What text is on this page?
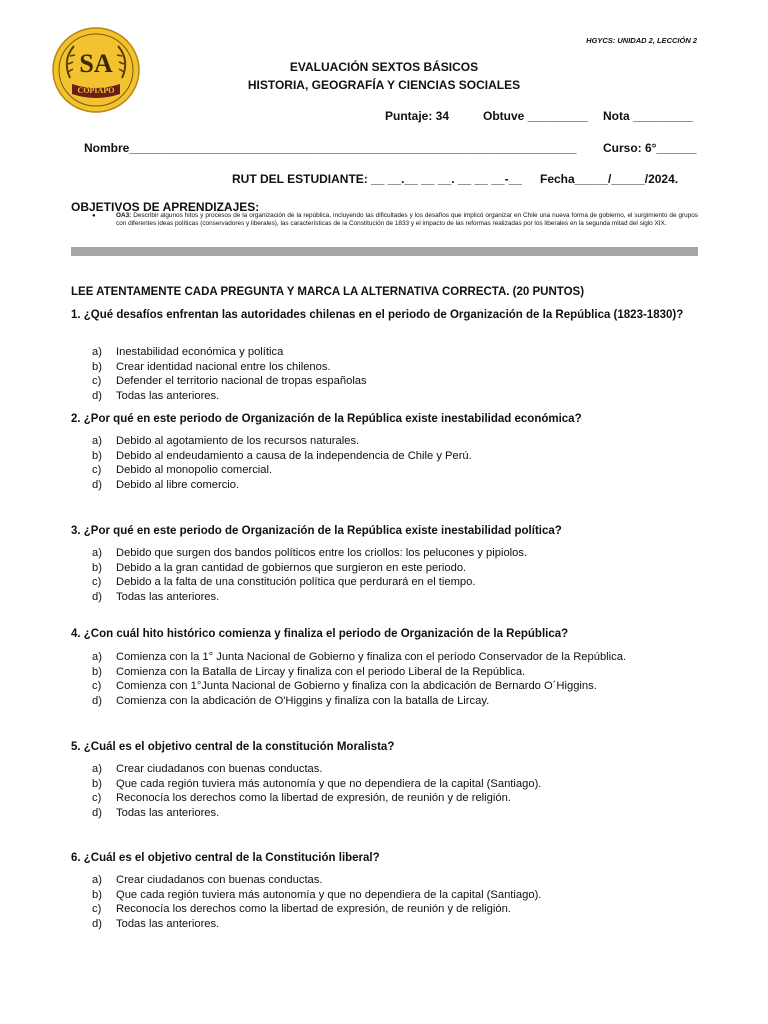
HGYCS: UNIDAD 2, LECCIÓN 2
SA
COPIAPO
EVALUACIÓN SEXTOS BÁSICOS
HISTORIA, GEOGRAFÍA Y CIENCIAS SOCIALES
Puntaje: 34	Obtuve _________ Nota _________
Nombre___________________________________________________________________ Curso: 6°______
RUT DEL ESTUDIANTE: __ __.__ __ __. __ __ __-__ Fecha_____/_____/2024.
OBJETIVOS DE APRENDIZAJES:
●	OA3: Describir algunos hitos y procesos de la organización de la república, incluyendo las dificultades y los desafíos que implicó organizar en Chile una nueva forma de gobierno, el surgimiento de grupos con diferentes ideas políticas (conservadores y liberales), las características de la Constitución de 1833 y el impacto de las reformas realizadas por los liberales en la segunda mitad del siglo XIX.
LEE ATENTAMENTE CADA PREGUNTA Y MARCA LA ALTERNATIVA CORRECTA. (20 PUNTOS)
1. ¿Qué desafíos enfrentan las autoridades chilenas en el periodo de Organización de la República (1823-1830)?
a)	Inestabilidad económica y política
b)	Crear identidad nacional entre los chilenos.
c)	Defender el territorio nacional de tropas españolas
d)	Todas las anteriores.
2. ¿Por qué en este periodo de Organización de la República existe inestabilidad económica?
a)	Debido al agotamiento de los recursos naturales.
b)	Debido al endeudamiento a causa de la independencia de Chile y Perú.
c)	Debido al monopolio comercial.
d)	Debido al libre comercio.
3. ¿Por qué en este periodo de Organización de la República existe inestabilidad política?
a)	Debido que surgen dos bandos políticos entre los criollos: los pelucones y pipiolos.
b)	Debido a la gran cantidad de gobiernos que surgieron en este periodo.
c)	Debido a la falta de una constitución política que perdurará en el tiempo.
d)	Todas las anteriores.
4. ¿Con cuál hito histórico comienza y finaliza el periodo de Organización de la República?
a)	Comienza con la 1° Junta Nacional de Gobierno y finaliza con el período Conservador de la República.
b)	Comienza con la Batalla de Lircay y finaliza con el periodo Liberal de la República.
c)	Comienza con 1°Junta Nacional de Gobierno y finaliza con la abdicación de Bernardo O´Higgins.
d)	Comienza con la abdicación de O'Higgins y finaliza con la batalla de Lircay.
5. ¿Cuál es el objetivo central de la constitución Moralista?
a)	Crear ciudadanos con buenas conductas.
b)	Que cada región tuviera más autonomía y que no dependiera de la capital (Santiago).
c)	Reconocía los derechos como la libertad de expresión, de reunión y de religión.
d)	Todas las anteriores.
6. ¿Cuál es el objetivo central de la Constitución liberal?
a)	Crear ciudadanos con buenas conductas.
b)	Que cada región tuviera más autonomía y que no dependiera de la capital (Santiago).
c)	Reconocía los derechos como la libertad de expresión, de reunión y de religión.
d)	Todas las anteriores.
